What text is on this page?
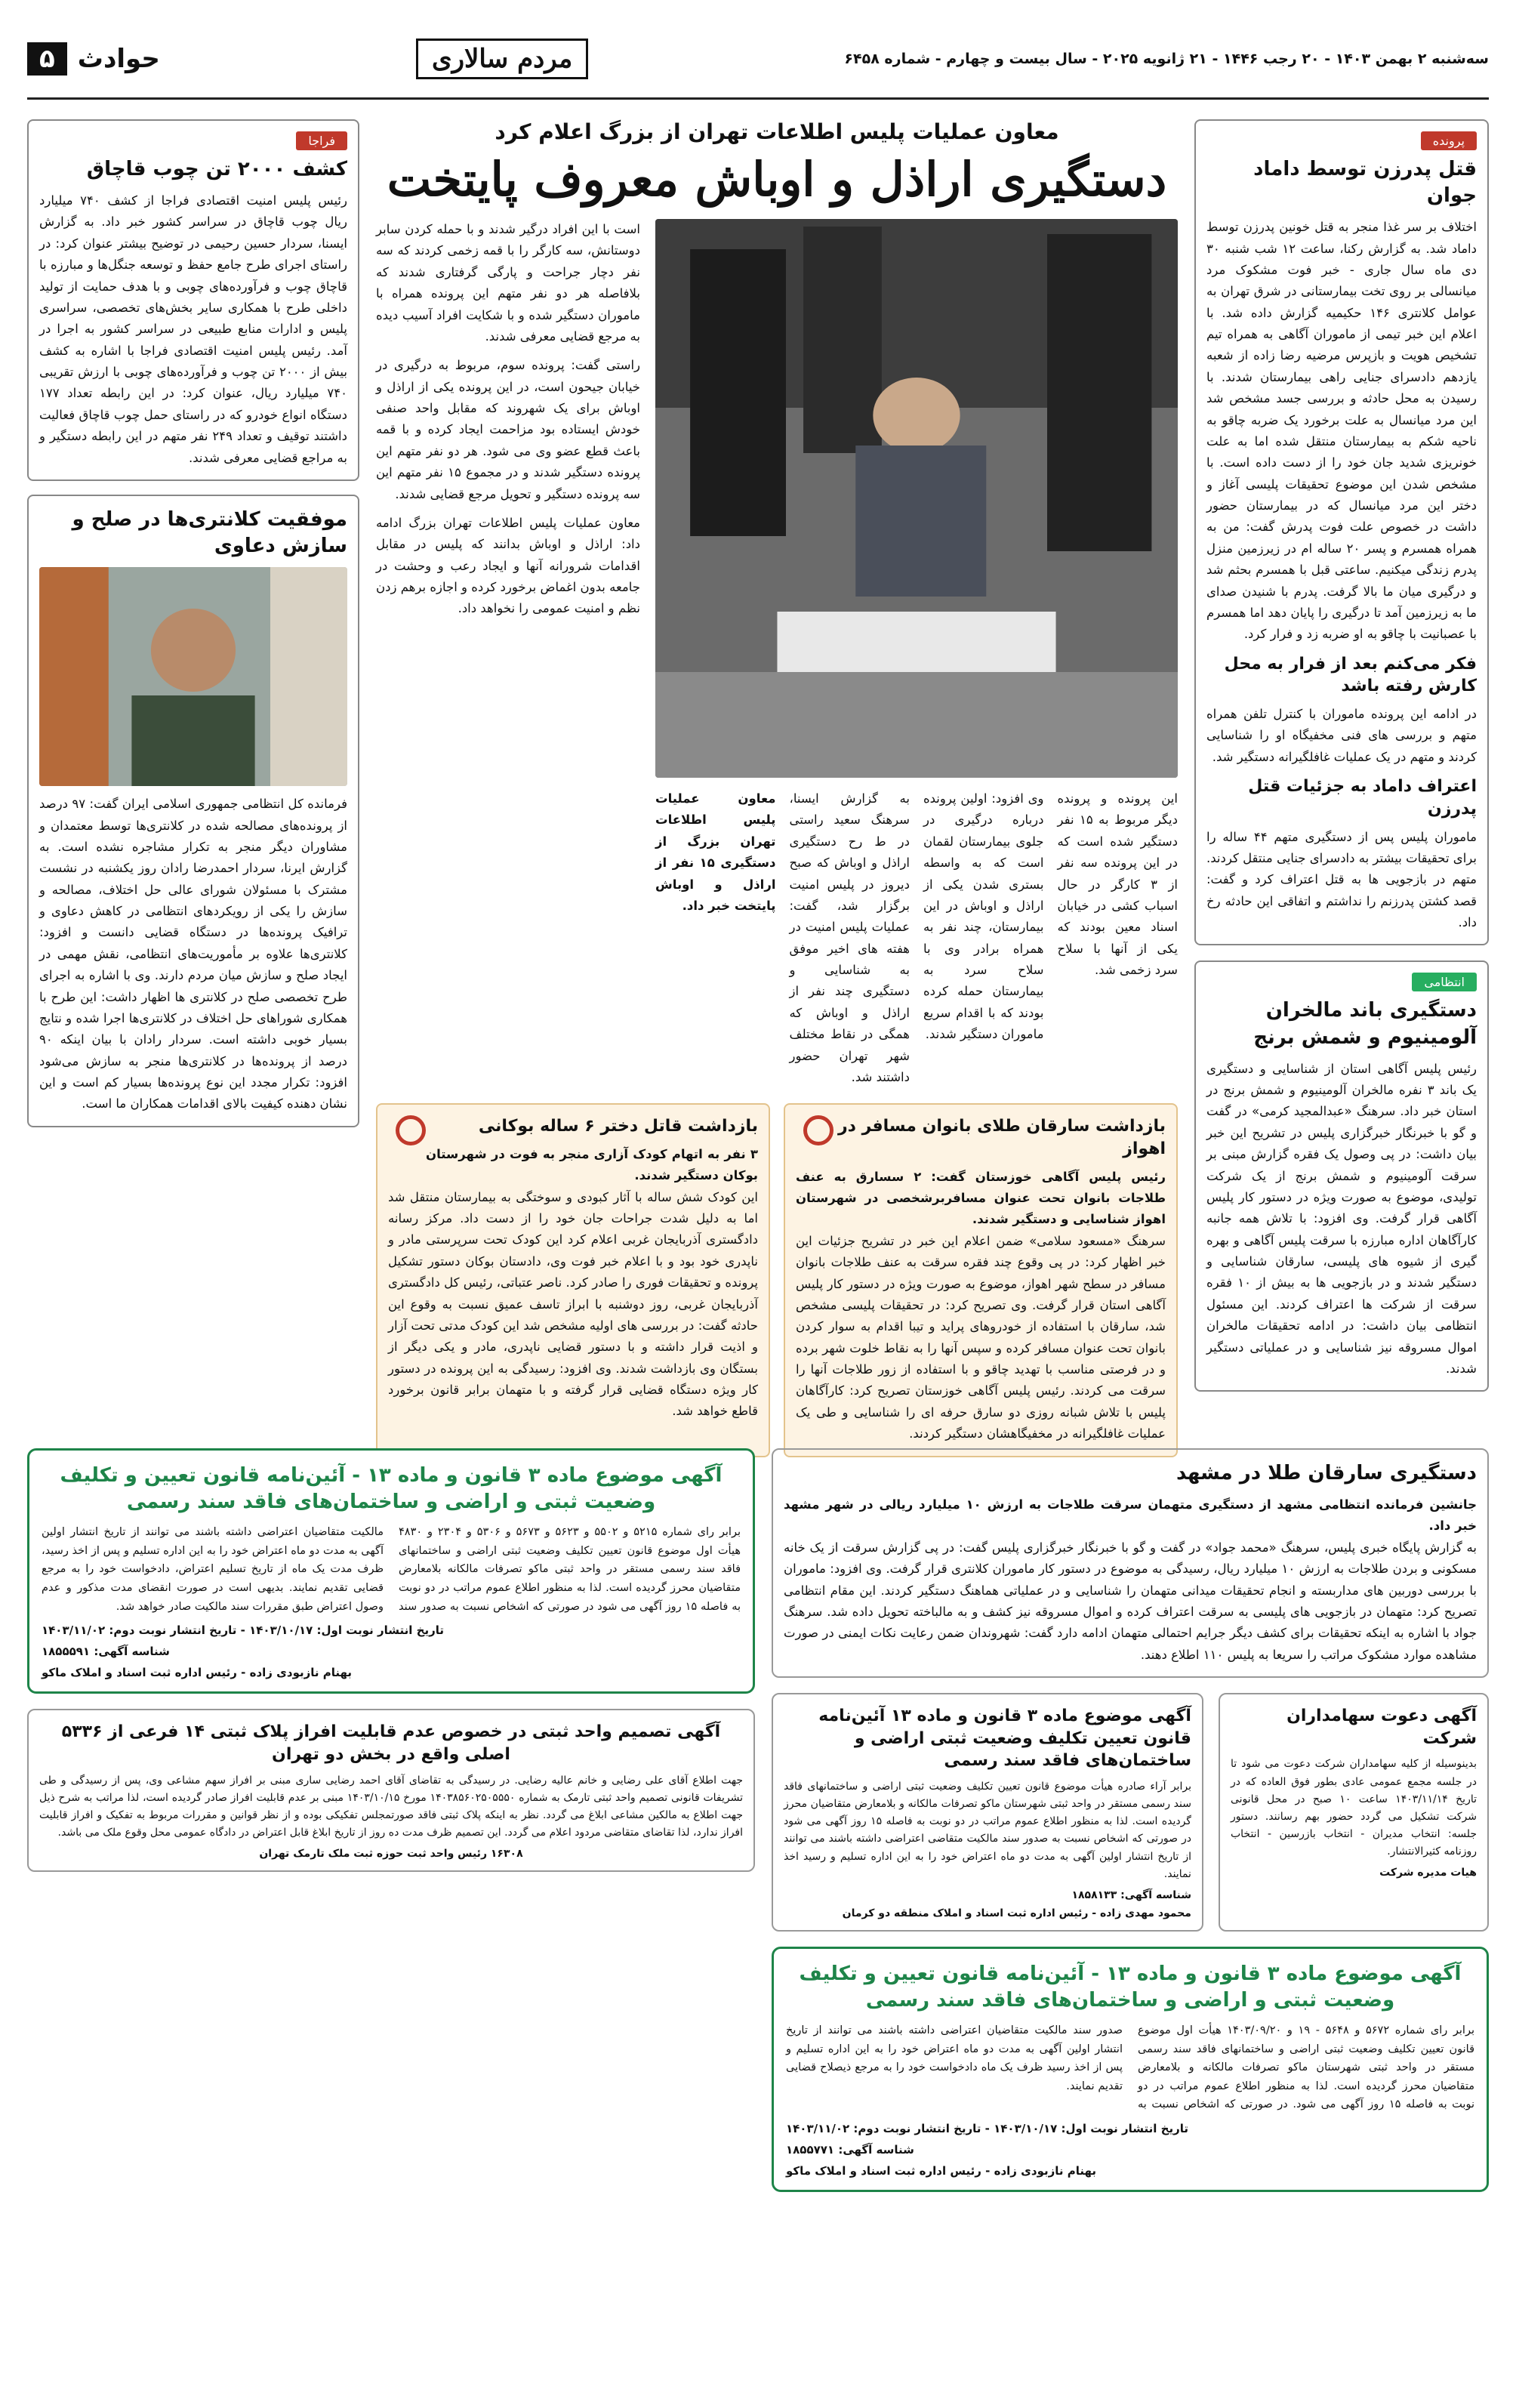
سه‌شنبه ۲ بهمن ۱۴۰۳ - ۲۰ رجب ۱۴۴۶ - ۲۱ ژانویه ۲۰۲۵ - سال بیست و چهارم - شماره ۶۴۵۸
مردم سالاری
حوادث
۵
پرونده
قتل پدرزن توسط داماد جوان

اختلاف بر سر غذا منجر به قتل خونین پدرزن توسط داماد شد. به گزارش رکنا، ساعت ۱۲ شب شنبه ۳۰ دی ماه سال جاری - خبر فوت مشکوک مرد میانسالی بر روی تخت بیمارستانی در شرق تهران به عوامل کلانتری ۱۴۶ حکیمیه گزارش داده شد. با اعلام این خبر تیمی از ماموران آگاهی به همراه تیم تشخیص هویت و بازپرس مرضیه رضا زاده از شعبه یازدهم دادسرای جنایی راهی بیمارستان شدند. با رسیدن به محل حادثه و بررسی جسد مشخص شد این مرد میانسال به علت برخورد یک ضربه چاقو به ناحیه شکم به بیمارستان منتقل شده اما به علت خونریزی شدید جان خود را از دست داده است. با مشخص شدن این موضوع تحقیقات پلیسی آغاز و دختر این مرد میانسال که در بیمارستان حضور داشت در خصوص علت فوت پدرش گفت: من به همراه همسرم و پسر ۲۰ ساله ام در زیرزمین منزل پدرم زندگی میکنیم. ساعتی قبل با همسرم بحثم شد و درگیری میان ما بالا گرفت. پدرم با شنیدن صدای ما به زیرزمین آمد تا درگیری را پایان دهد اما همسرم با عصبانیت با چاقو به او ضربه زد و فرار کرد.

فکر می‌کنم بعد از فرار به محل کارش رفته باشد

در ادامه این پرونده ماموران با کنترل تلفن همراه متهم و بررسی های فنی مخفیگاه او را شناسایی کردند و متهم در یک عملیات غافلگیرانه دستگیر شد.

اعتراف داماد به جزئیات قتل پدرزن

ماموران پلیس پس از دستگیری متهم ۴۴ ساله را برای تحقیقات بیشتر به دادسرای جنایی منتقل کردند. متهم در بازجویی ها به قتل اعتراف کرد و گفت: قصد کشتن پدرزنم را نداشتم و اتفاقی این حادثه رخ داد.

انتظامی
دستگیری باند مالخران آلومینیوم و شمش برنج

رئیس پلیس آگاهی استان از شناسایی و دستگیری یک باند ۳ نفره مالخران آلومینیوم و شمش برنج در استان خبر داد. سرهنگ «عبدالمجید کرمی» در گفت و گو با خبرنگار خبرگزاری پلیس در تشریح این خبر بیان داشت: در پی وصول یک فقره گزارش مبنی بر سرقت آلومینیوم و شمش برنج از یک شرکت تولیدی، موضوع به صورت ویژه در دستور کار پلیس آگاهی قرار گرفت. وی افزود: با تلاش همه جانبه کارآگاهان اداره مبارزه با سرقت پلیس آگاهی و بهره گیری از شیوه های پلیسی، سارقان شناسایی و دستگیر شدند و در بازجویی ها به بیش از ۱۰ فقره سرقت از شرکت ها اعتراف کردند. این مسئول انتظامی بیان داشت: در ادامه تحقیقات مالخران اموال مسروقه نیز شناسایی و در عملیاتی دستگیر شدند.

معاون عملیات پلیس اطلاعات تهران از بزرگ اعلام کرد
دستگیری اراذل و اوباش معروف پایتخت

این پرونده و پرونده دیگر مربوط به ۱۵ نفر دستگیر شده است که در این پرونده سه نفر از ۳ کارگر در حال اسباب کشی در خیابان اسناد معین بودند که یکی از آنها با سلاح سرد زخمی شد.

وی افزود: اولین پرونده درباره درگیری در جلوی بیمارستان لقمان است که به واسطه بستری شدن یکی از اراذل و اوباش در این بیمارستان، چند نفر به همراه برادر وی با سلاح سرد به بیمارستان حمله کرده بودند که با اقدام سریع ماموران دستگیر شدند.

به گزارش ایسنا، سرهنگ سعید راستی در ط رح دستگیری اراذل و اوباش که صبح دیروز در پلیس امنیت برگزار شد، گفت: عملیات پلیس امنیت در هفته های اخیر موفق به شناسایی و دستگیری چند نفر از اراذل و اوباش که همگی در نقاط مختلف شهر تهران حضور داشتند شد.

معاون عملیات پلیس اطلاعات تهران بزرگ از دستگیری ۱۵ نفر از اراذل و اوباش پایتخت خبر داد.

است با این افراد درگیر شدند و با حمله کردن سابر دوستانش، سه کارگر را با قمه زخمی کردند که سه نفر دچار جراحت و پارگی گرفتاری شدند که بلافاصله هر دو نفر متهم این پرونده همراه با ماموران دستگیر شده و با شکایت افراد آسیب دیده به مرجع قضایی معرفی شدند.

راستی گفت: پرونده سوم، مربوط به درگیری در خیابان جیحون است، در این پرونده یکی از اراذل و اوباش برای یک شهروند که مقابل واحد صنفی خودش ایستاده بود مزاحمت ایجاد کرده و با قمه باعث قطع عضو وی می شود. هر دو نفر متهم این پرونده دستگیر شدند و در مجموع ۱۵ نفر متهم این سه پرونده دستگیر و تحویل مرجع قضایی شدند.

معاون عملیات پلیس اطلاعات تهران بزرگ ادامه داد: اراذل و اوباش بدانند که پلیس در مقابل اقدامات شرورانه آنها و ایجاد رعب و وحشت در جامعه بدون اغماض برخورد کرده و اجازه برهم زدن نظم و امنیت عمومی را نخواهد داد.

بازداشت سارقان طلای بانوان مسافر در اهواز

رئیس پلیس آگاهی خوزستان گفت: ۲ سسارق به عنف طلاجات بانوان تحت عنوان مسافربرشخصی در شهرستان اهواز شناسایی و دستگیر شدند.

سرهنگ «مسعود سلامی» ضمن اعلام این خبر در تشریح جزئیات این خبر اظهار کرد: در پی وقوع چند فقره سرقت به عنف طلاجات بانوان مسافر در سطح شهر اهواز، موضوع به صورت ویژه در دستور کار پلیس آگاهی استان قرار گرفت. وی تصریح کرد: در تحقیقات پلیسی مشخص شد، سارقان با استفاده از خودروهای پراید و تیبا اقدام به سوار کردن بانوان تحت عنوان مسافر کرده و سپس آنها را به نقاط خلوت شهر برده و در فرصتی مناسب با تهدید چاقو و با استفاده از زور طلاجات آنها را سرقت می کردند. رئیس پلیس آگاهی خوزستان تصریح کرد: کارآگاهان پلیس با تلاش شبانه روزی دو سارق حرفه ای را شناسایی و طی یک عملیات غافلگیرانه در مخفیگاهشان دستگیر کردند.

بازداشت قاتل دختر ۶ ساله بوکانی

۳ نفر به اتهام کودک آزاری منجر به فوت در شهرستان بوکان دستگیر شدند.

این کودک شش ساله با آثار کبودی و سوختگی به بیمارستان منتقل شد اما به دلیل شدت جراحات جان خود را از دست داد. مرکز رسانه دادگستری آذربایجان غربی اعلام کرد این کودک تحت سرپرستی مادر و ناپدری خود بود و با اعلام خبر فوت وی، دادستان بوکان دستور تشکیل پرونده و تحقیقات فوری را صادر کرد. ناصر عتباتی، رئیس کل دادگستری آذربایجان غربی، روز دوشنبه با ابراز تاسف عمیق نسبت به وقوع این حادثه گفت: در بررسی های اولیه مشخص شد این کودک مدتی تحت آزار و اذیت قرار داشته و با دستور قضایی ناپدری، مادر و یکی دیگر از بستگان وی بازداشت شدند. وی افزود: رسیدگی به این پرونده در دستور کار ویژه دستگاه قضایی قرار گرفته و با متهمان برابر قانون برخورد قاطع خواهد شد.

فراجا
کشف ۲۰۰۰ تن چوب قاچاق

رئیس پلیس امنیت اقتصادی فراجا از کشف ۷۴۰ میلیارد ریال چوب قاچاق در سراسر کشور خبر داد. به گزارش ایسنا، سردار حسین رحیمی در توضیح بیشتر عنوان کرد: در راستای اجرای طرح جامع حفظ و توسعه جنگل‌ها و مبارزه با قاچاق چوب و فرآورده‌های چوبی و با هدف حمایت از تولید داخلی طرح با همکاری سایر بخش‌های تخصصی، سراسری پلیس و ادارات منابع طبیعی در سراسر کشور به اجرا در آمد. رئیس پلیس امنیت اقتصادی فراجا با اشاره به کشف بیش از ۲۰۰۰ تن چوب و فرآورده‌های چوبی با ارزش تقریبی ۷۴۰ میلیارد ریال، عنوان کرد: در این رابطه تعداد ۱۷۷ دستگاه انواع خودرو که در راستای حمل چوب قاچاق فعالیت داشتند توقیف و تعداد ۲۴۹ نفر متهم در این رابطه دستگیر و به مراجع قضایی معرفی شدند.

موفقیت کلانتری‌ها در صلح و سازش دعاوی

فرمانده کل انتظامی جمهوری اسلامی ایران گفت: ۹۷ درصد از پرونده‌های مصالحه شده در کلانتری‌ها توسط معتمدان و مشاوران دیگر منجر به تکرار مشاجره نشده است. به گزارش ایرنا، سردار احمدرضا رادان روز یکشنبه در نشست مشترک با مسئولان شورای عالی حل اختلاف، مصالحه و سازش را یکی از رویکردهای انتظامی در کاهش دعاوی و ترافیک پرونده‌ها در دستگاه قضایی دانست و افزود: کلانتری‌ها علاوه بر مأموریت‌های انتظامی، نقش مهمی در ایجاد صلح و سازش میان مردم دارند. وی با اشاره به اجرای طرح تخصصی صلح در کلانتری ها اظهار داشت: این طرح با همکاری شوراهای حل اختلاف در کلانتری‌ها اجرا شده و نتایج بسیار خوبی داشته است. سردار رادان با بیان اینکه ۹۰ درصد از پرونده‌ها در کلانتری‌ها منجر به سازش می‌شود افزود: تکرار مجدد این نوع پرونده‌ها بسیار کم است و این نشان دهنده کیفیت بالای اقدامات همکاران ما است.

دستگیری سارقان طلا در مشهد

جانشین فرمانده انتظامی مشهد از دستگیری متهمان سرقت طلاجات به ارزش ۱۰ میلیارد ریالی در شهر مشهد خبر داد.

به گزارش پایگاه خبری پلیس، سرهنگ «محمد جواد» در گفت و گو با خبرنگار خبرگزاری پلیس گفت: در پی گزارش سرقت از یک خانه مسکونی و بردن طلاجات به ارزش ۱۰ میلیارد ریال، رسیدگی به موضوع در دستور کار ماموران کلانتری قرار گرفت. وی افزود: ماموران با بررسی دوربین های مداربسته و انجام تحقیقات میدانی متهمان را شناسایی و در عملیاتی هماهنگ دستگیر کردند. این مقام انتظامی تصریح کرد: متهمان در بازجویی های پلیسی به سرقت اعتراف کرده و اموال مسروقه نیز کشف و به مالباخته تحویل داده شد. سرهنگ جواد با اشاره به اینکه تحقیقات برای کشف دیگر جرایم احتمالی متهمان ادامه دارد گفت: شهروندان ضمن رعایت نکات ایمنی در صورت مشاهده موارد مشکوک مراتب را سریعا به پلیس ۱۱۰ اطلاع دهند.

آگهی دعوت سهامداران شرکت

بدینوسیله از کلیه سهامداران شرکت دعوت می شود تا در جلسه مجمع عمومی عادی بطور فوق العاده که در تاریخ ۱۴۰۳/۱۱/۱۴ ساعت ۱۰ صبح در محل قانونی شرکت تشکیل می گردد حضور بهم رسانند. دستور جلسه: انتخاب مدیران - انتخاب بازرسین - انتخاب روزنامه کثیرالانتشار.

هیات مدیره شرکت

آگهی موضوع ماده ۳ قانون و ماده ۱۳ آئین‌نامه قانون تعیین تکلیف وضعیت ثبتی اراضی و ساختمان‌های فاقد سند رسمی

برابر آراء صادره هیأت موضوع قانون تعیین تکلیف وضعیت ثبتی اراضی و ساختمانهای فاقد سند رسمی مستقر در واحد ثبتی شهرستان ماکو تصرفات مالکانه و بلامعارض متقاضیان محرز گردیده است. لذا به منظور اطلاع عموم مراتب در دو نوبت به فاصله ۱۵ روز آگهی می شود در صورتی که اشخاص نسبت به صدور سند مالکیت متقاضی اعتراضی داشته باشند می توانند از تاریخ انتشار اولین آگهی به مدت دو ماه اعتراض خود را به این اداره تسلیم و رسید اخذ نمایند.

شناسه آگهی: ۱۸۵۸۱۳۳

محمود مهدی زاده - رئیس اداره ثبت اسناد و املاک منطقه دو کرمان

آگهی موضوع ماده ۳ قانون و ماده ۱۳ - آئین‌نامه قانون تعیین و تکلیف وضعیت ثبتی و اراضی و ساختمان‌های فاقد سند رسمی
برابر رای شماره ۵۶۷۲ و ۵۶۴۸ - ۱۹ و ۱۴۰۳/۰۹/۲۰ هیأت اول موضوع قانون تعیین تکلیف وضعیت ثبتی اراضی و ساختمانهای فاقد سند رسمی مستقر در واحد ثبتی شهرستان ماکو تصرفات مالکانه و بلامعارض متقاضیان محرز گردیده است. لذا به منظور اطلاع عموم مراتب در دو نوبت به فاصله ۱۵ روز آگهی می شود. در صورتی که اشخاص نسبت به صدور سند مالکیت متقاضیان اعتراضی داشته باشند می توانند از تاریخ انتشار اولین آگهی به مدت دو ماه اعتراض خود را به این اداره تسلیم و پس از اخذ رسید ظرف یک ماه دادخواست خود را به مرجع ذیصلاح قضایی تقدیم نمایند.

تاریخ انتشار نوبت اول: ۱۴۰۳/۱۰/۱۷ - تاریخ انتشار نوبت دوم: ۱۴۰۳/۱۱/۰۲

شناسه آگهی: ۱۸۵۵۷۷۱

بهنام نازبودی زاده - رئیس اداره ثبت اسناد و املاک ماکو

آگهی موضوع ماده ۳ قانون و ماده ۱۳ - آئین‌نامه قانون تعیین و تکلیف وضعیت ثبتی و اراضی و ساختمان‌های فاقد سند رسمی
برابر رای شماره ۵۲۱۵ و ۵۵۰۲ و ۵۶۲۳ و ۵۶۷۳ و ۵۳۰۶ و ۲۳۰۴ و ۴۸۳۰ هیأت اول موضوع قانون تعیین تکلیف وضعیت ثبتی اراضی و ساختمانهای فاقد سند رسمی مستقر در واحد ثبتی ماکو تصرفات مالکانه بلامعارض متقاضیان محرز گردیده است. لذا به منظور اطلاع عموم مراتب در دو نوبت به فاصله ۱۵ روز آگهی می شود در صورتی که اشخاص نسبت به صدور سند مالکیت متقاضیان اعتراضی داشته باشند می توانند از تاریخ انتشار اولین آگهی به مدت دو ماه اعتراض خود را به این اداره تسلیم و پس از اخذ رسید، ظرف مدت یک ماه از تاریخ تسلیم اعتراض، دادخواست خود را به مرجع قضایی تقدیم نمایند. بدیهی است در صورت انقضای مدت مذکور و عدم وصول اعتراض طبق مقررات سند مالکیت صادر خواهد شد.

تاریخ انتشار نوبت اول: ۱۴۰۳/۱۰/۱۷ - تاریخ انتشار نوبت دوم: ۱۴۰۳/۱۱/۰۲

شناسه آگهی: ۱۸۵۵۵۹۱

بهنام نازبودی زاده - رئیس اداره ثبت اسناد و املاک ماکو

آگهی تصمیم واحد ثبتی در خصوص عدم قابلیت افراز پلاک ثبتی ۱۴ فرعی از ۵۳۳۶ اصلی واقع در بخش دو تهران

جهت اطلاع آقای علی رضایی و خانم عالیه رضایی. در رسیدگی به تقاضای آقای احمد رضایی ساری مبنی بر افراز سهم مشاعی وی، پس از رسیدگی و طی تشریفات قانونی تصمیم واحد ثبتی تارمک به شماره ۱۴۰۳۸۵۶۰۲۵۰۵۵۵۰ مورخ ۱۴۰۳/۱۰/۱۵ مبنی بر عدم قابلیت افراز صادر گردیده است، لذا مراتب به شرح ذیل جهت اطلاع به مالکین مشاعی ابلاغ می گردد. نظر به اینکه پلاک ثبتی فاقد صورتمجلس تفکیکی بوده و از نظر قوانین و مقررات مربوط به تفکیک و افراز قابلیت افراز ندارد، لذا تقاضای متقاضی مردود اعلام می گردد. این تصمیم ظرف مدت ده روز از تاریخ ابلاغ قابل اعتراض در دادگاه عمومی محل وقوع ملک می باشد.

۱۶۳۰۸ رئیس واحد ثبت حوزه ثبت ملک تارمک تهران
